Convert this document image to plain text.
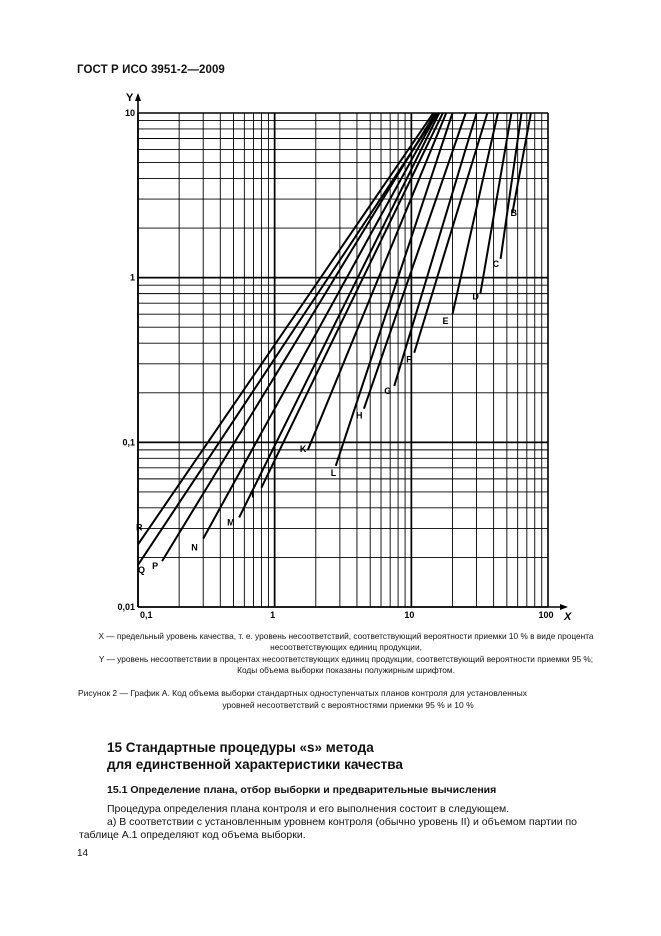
ГОСТ Р ИСО 3951-2—2009
Y
X
0,1	1	10	100
0,01
0,1
1
10
B
C
D
E
F
G
H
L
K
I
M
N
P
R
Q
X — предельный уровень качества, т. е. уровень несоответствий, соответствующий вероятности приемки 10 % в виде процента несоответствующих единиц продукции,
Y — уровень несоответствии в процентах несоответствующих единиц продукции, соответствующий вероятности приемки 95 %;
Коды объема выборки показаны полужирным шрифтом.
Рисунок 2 — График А. Код объема выборки стандартных одноступенчатых планов контроля для установленных
уровней несоответствий с вероятностями приемки 95 % и 10 %
15 Стандартные процедуры «s» метода
для единственной характеристики качества
15.1 Определение плана, отбор выборки и предварительные вычисления
Процедура определения плана контроля и его выполнения состоит в следующем.
a) В соответствии с установленным уровнем контроля (обычно уровень II) и объемом партии по
таблице А.1 определяют код объема выборки.
14
